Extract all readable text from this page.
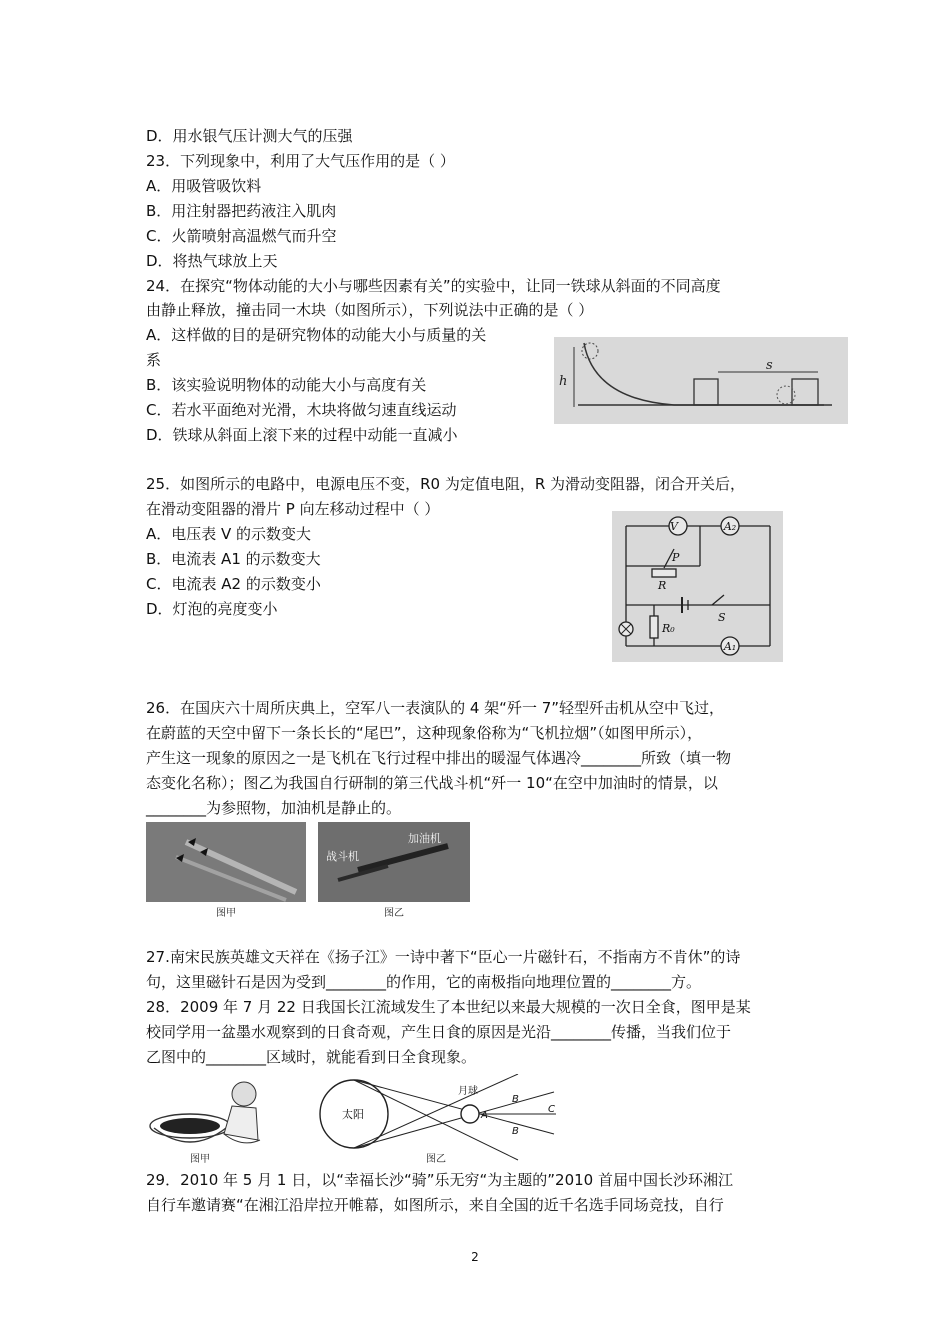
D．用水银气压计测大气的压强
23．下列现象中，利用了大气压作用的是（ ）
A．用吸管吸饮料
B．用注射器把药液注入肌肉
C．火箭喷射高温燃气而升空
D．将热气球放上天
24．在探究“物体动能的大小与哪些因素有关”的实验中，让同一铁球从斜面的不同高度
由静止释放，撞击同一木块（如图所示），下列说法中正确的是（ ）
A．这样做的目的是研究物体的动能大小与质量的关
系
B．该实验说明物体的动能大小与高度有关
C．若水平面绝对光滑，木块将做匀速直线运动
D．铁球从斜面上滚下来的过程中动能一直减小
h
s
25．如图所示的电路中，电源电压不变，R0 为定值电阻，R 为滑动变阻器，闭合开关后，
在滑动变阻器的滑片 P 向左移动过程中（ ）
A．电压表 V 的示数变大
B．电流表 A1 的示数变大
C．电流表 A2 的示数变小
D．灯泡的亮度变小
V	A₂
A₁
P
R
S
R₀
26．在国庆六十周所庆典上，空军八一表演队的 4 架“歼一 7”轻型歼击机从空中飞过，
在蔚蓝的天空中留下一条长长的“尾巴”，这种现象俗称为“飞机拉烟”（如图甲所示），
产生这一现象的原因之一是飞机在飞行过程中排出的暖湿气体遇冷________所致（填一物
态变化名称）；图乙为我国自行研制的第三代战斗机“歼一 10“在空中加油时的情景，以
________为参照物，加油机是静止的。
图甲
战斗机
加油机
图乙
27.南宋民族英雄文天祥在《扬子江》一诗中著下“臣心一片磁针石，不指南方不肯休”的诗
句，这里磁针石是因为受到________的作用，它的南极指向地理位置的________方。
28．2009 年 7 月 22 日我国长江流域发生了本世纪以来最大规模的一次日全食，图甲是某
校同学用一盆墨水观察到的日食奇观，产生日食的原因是光沿________传播，当我们位于
乙图中的________区域时，就能看到日全食现象。
图甲
太阳
月球
A
B
B
C
图乙
29．2010 年 5 月 1 日，以“幸福长沙“骑”乐无穷“为主题的”2010 首届中国长沙环湘江
自行车邀请赛“在湘江沿岸拉开帷幕，如图所示，来自全国的近千名选手同场竞技，自行
2
